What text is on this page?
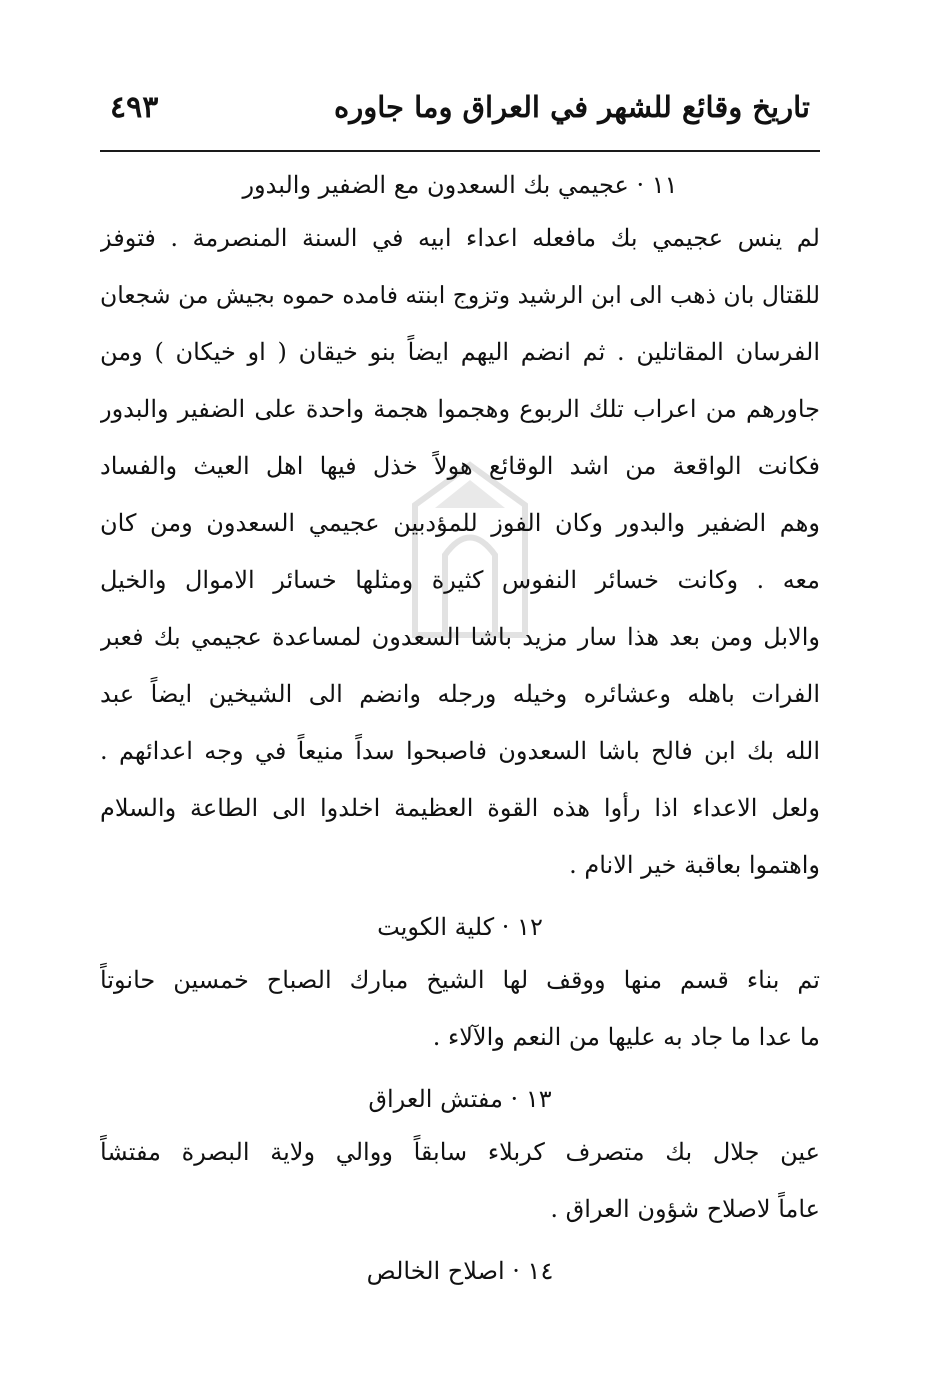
تاريخ وقائع للشهر في العراق وما جاوره
٤٩٣
١١ · عجيمي بك السعدون مع الضفير والبدور
لم ينس عجيمي بك مافعله اعداء ابيه في السنة المنصرمة . فتوفز
للقتال بان ذهب الى ابن الرشيد وتزوج ابنته فامده حموه بجيش من شجعان
الفرسان المقاتلين . ثم انضم اليهم ايضاً بنو خيقان ( او خيكان ) ومن
جاورهم من اعراب تلك الربوع وهجموا هجمة واحدة على الضفير والبدور
فكانت الواقعة من اشد الوقائع هولاً خذل فيها اهل العيث والفساد
وهم الضفير والبدور وكان الفوز للمؤدبين عجيمي السعدون ومن كان
معه . وكانت خسائر النفوس كثيرة ومثلها خسائر الاموال والخيل
والابل ومن بعد هذا سار مزيد باشا السعدون لمساعدة عجيمي بك فعبر
الفرات باهله وعشائره وخيله ورجله وانضم الى الشيخين ايضاً عبد
الله بك ابن فالح باشا السعدون فاصبحوا سداً منيعاً في وجه اعدائهم .
ولعل الاعداء اذا رأوا هذه القوة العظيمة اخلدوا الى الطاعة والسلام
واهتموا بعاقبة خير الانام .
١٢ · كلية الكويت
تم بناء قسم منها ووقف لها الشيخ مبارك الصباح خمسين حانوتاً
ما عدا ما جاد به عليها من النعم والآلاء .
١٣ · مفتش العراق
عين جلال بك متصرف كربلاء سابقاً ووالي ولاية البصرة مفتشاً
عاماً لاصلاح شؤون العراق .
١٤ · اصلاح الخالص
